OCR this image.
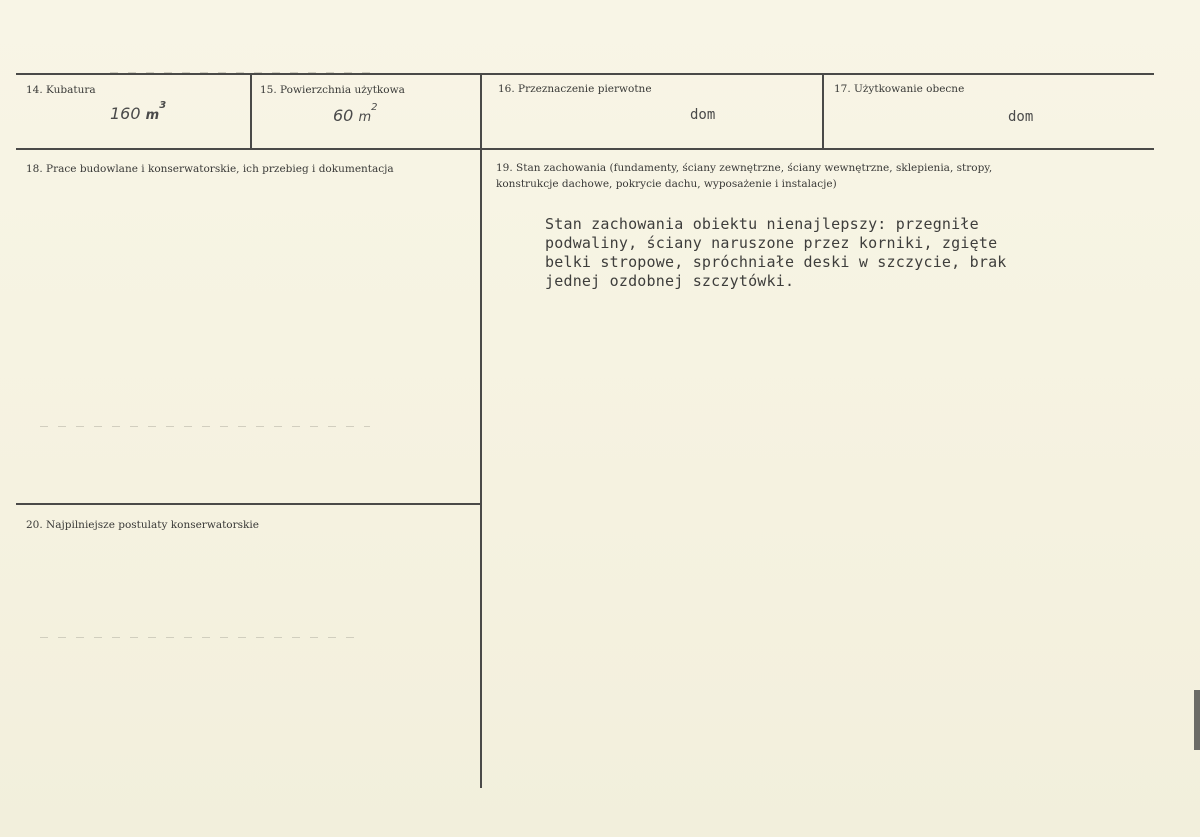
14. Kubatura
160 $m^3$
15. Powierzchnia użytkowa
60 $m^2$
16. Przeznaczenie pierwotne
dom
17. Użytkowanie obecne
dom
18. Prace budowlane i konserwatorskie, ich przebieg i dokumentacja	19. Stan zachowania (fundamenty, ściany zewnętrzne, ściany wewnętrzne, sklepienia, stropy,
konstrukcje dachowe, pokrycie dachu, wyposażenie i instalacje)
Stan zachowania obiektu nienajlepszy: przegniłe
podwaliny, ściany naruszone przez korniki, zgięte
belki stropowe, spróchniałe deski w szczycie, brak
jednej ozdobnej szczytówki.
20. Najpilniejsze postulaty konserwatorskie
